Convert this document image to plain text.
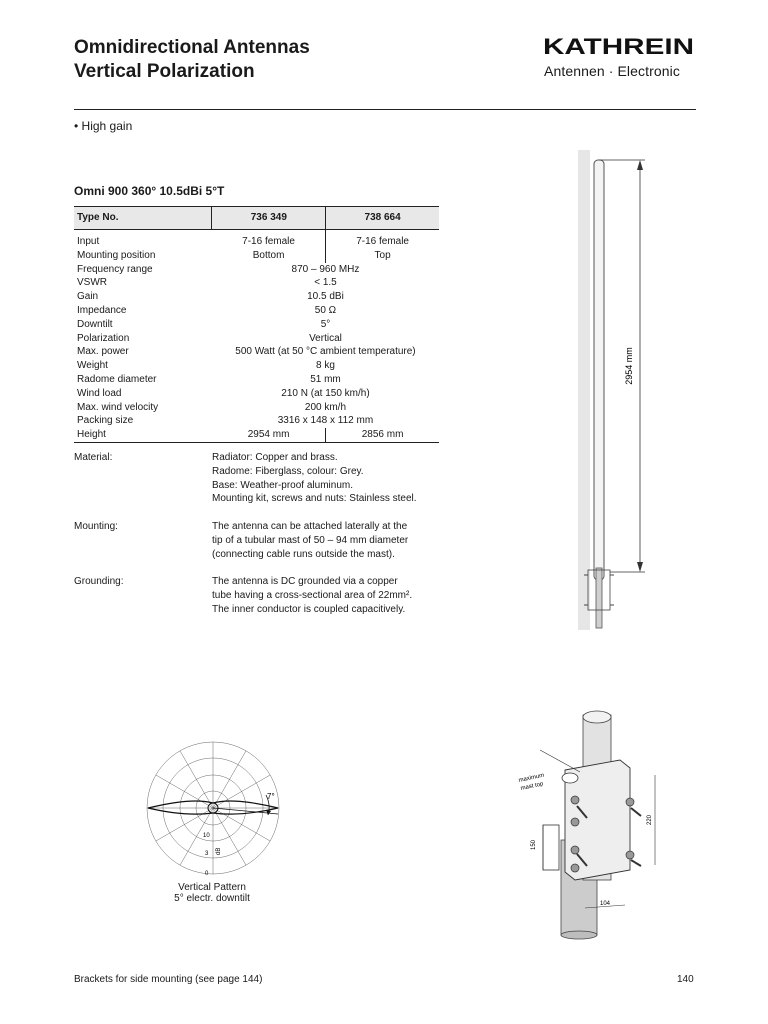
Omnidirectional Antennas
Vertical Polarization
KATHREIN
Antennen · Electronic
• High gain
Omni 900 360° 10.5dBi 5°T
Type No.	736 349	738 664
Input	7-16 female	7-16 female
Mounting position	Bottom	Top
Frequency range	870 – 960 MHz	
VSWR	< 1.5	
Gain	10.5 dBi	
Impedance	50 Ω	
Downtilt	5°	
Polarization	Vertical	
Max. power	500 Watt (at 50 °C ambient temperature)	
Weight	8 kg	
Radome diameter	51 mm	
Wind load	210 N (at 150 km/h)	
Max. wind velocity	200 km/h	
Packing size	3316 x 148 x 112 mm	
Height	2954 mm	2856 mm
Material:	Radiator: Copper and brass.
Radome: Fiberglass, colour: Grey.
Base: Weather-proof aluminum.
Mounting kit, screws and nuts: Stainless steel.
Mounting:	The antenna can be attached laterally at the
tip of a tubular mast of 50 – 94 mm diameter
(connecting cable runs outside the mast).
Grounding:	The antenna is DC grounded via a copper
tube having a cross-sectional area of 22mm².
The inner conductor is coupled capacitively.
2954 mm
7°
10
3
0
dB
Vertical Pattern
5° electr. downtilt
maximum
mast top
150
220
104
Brackets for side mounting (see page 144)	140
